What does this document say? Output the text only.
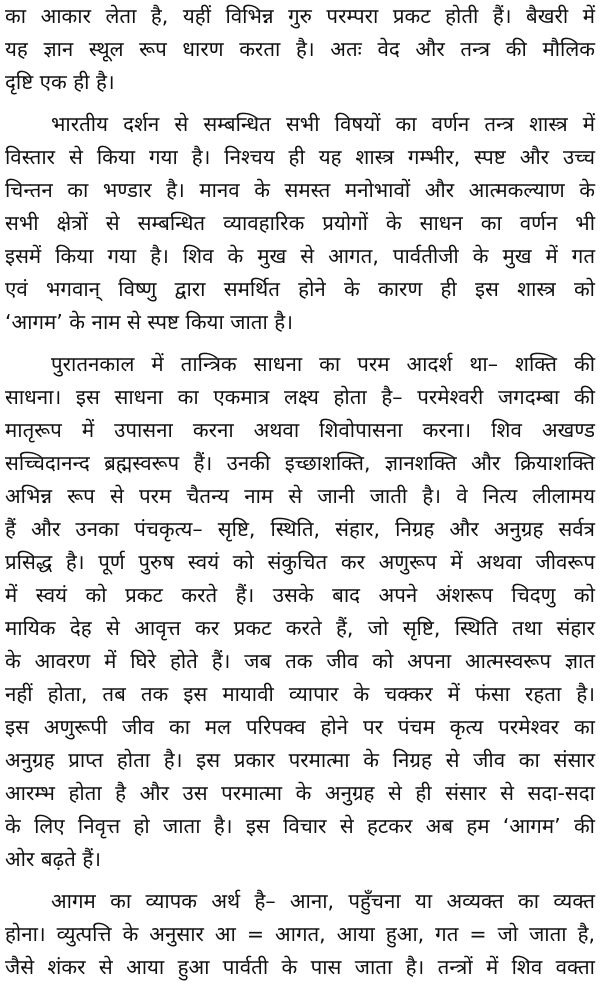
का आकार लेता है, यहीं विभिन्न गुरु परम्परा प्रकट होती हैं। बैखरी में
यह ज्ञान स्थूल रूप धारण करता है। अतः वेद और तन्त्र की मौलिक
दृष्टि एक ही है।
भारतीय दर्शन से सम्बन्धित सभी विषयों का वर्णन तन्त्र शास्त्र में
विस्तार से किया गया है। निश्चय ही यह शास्त्र गम्भीर, स्पष्ट और उच्च
चिन्तन का भण्डार है। मानव के समस्त मनोभावों और आत्मकल्याण के
सभी क्षेत्रों से सम्बन्धित व्यावहारिक प्रयोगों के साधन का वर्णन भी
इसमें किया गया है। शिव के मुख से आगत, पार्वतीजी के मुख में गत
एवं भगवान् विष्णु द्वारा समर्थित होने के कारण ही इस शास्त्र को
‘आगम’ के नाम से स्पष्ट किया जाता है।
पुरातनकाल में तान्त्रिक साधना का परम आदर्श था– शक्ति की
साधना। इस साधना का एकमात्र लक्ष्य होता है– परमेश्वरी जगदम्बा की
मातृरूप में उपासना करना अथवा शिवोपासना करना। शिव अखण्ड
सच्चिदानन्द ब्रह्मस्वरूप हैं। उनकी इच्छाशक्ति, ज्ञानशक्ति और क्रियाशक्ति
अभिन्न रूप से परम चैतन्य नाम से जानी जाती है। वे नित्य लीलामय
हैं और उनका पंचकृत्य– सृष्टि, स्थिति, संहार, निग्रह और अनुग्रह सर्वत्र
प्रसिद्ध है। पूर्ण पुरुष स्वयं को संकुचित कर अणुरूप में अथवा जीवरूप
में स्वयं को प्रकट करते हैं। उसके बाद अपने अंशरूप चिदणु को
मायिक देह से आवृत्त कर प्रकट करते हैं, जो सृष्टि, स्थिति तथा संहार
के आवरण में घिरे होते हैं। जब तक जीव को अपना आत्मस्वरूप ज्ञात
नहीं होता, तब तक इस मायावी व्यापार के चक्कर में फंसा रहता है।
इस अणुरूपी जीव का मल परिपक्व होने पर पंचम कृत्य परमेश्वर का
अनुग्रह प्राप्त होता है। इस प्रकार परमात्मा के निग्रह से जीव का संसार
आरम्भ होता है और उस परमात्मा के अनुग्रह से ही संसार से सदा-सदा
के लिए निवृत्त हो जाता है। इस विचार से हटकर अब हम ‘आगम’ की
ओर बढ़ते हैं।
आगम का व्यापक अर्थ है– आना, पहुँचना या अव्यक्त का व्यक्त
होना। व्युत्पत्ति के अनुसार आ = आगत, आया हुआ, गत = जो जाता है,
जैसे शंकर से आया हुआ पार्वती के पास जाता है। तन्त्रों में शिव वक्ता
